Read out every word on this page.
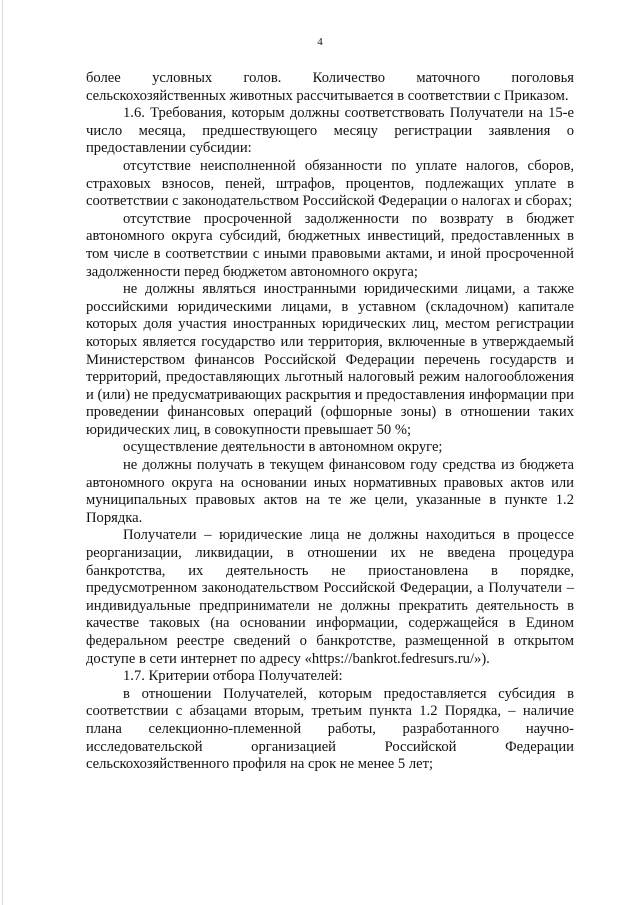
4

более условных голов. Количество маточного поголовья сельскохозяйственных животных рассчитывается в соответствии с Приказом.

1.6. Требования, которым должны соответствовать Получатели на 15-е число месяца, предшествующего месяцу регистрации заявления о предоставлении субсидии:

отсутствие неисполненной обязанности по уплате налогов, сборов, страховых взносов, пеней, штрафов, процентов, подлежащих уплате в соответствии с законодательством Российской Федерации о налогах и сборах;

отсутствие просроченной задолженности по возврату в бюджет автономного округа субсидий, бюджетных инвестиций, предоставленных в том числе в соответствии с иными правовыми актами, и иной просроченной задолженности перед бюджетом автономного округа;

не должны являться иностранными юридическими лицами, а также российскими юридическими лицами, в уставном (складочном) капитале которых доля участия иностранных юридических лиц, местом регистрации которых является государство или территория, включенные в утверждаемый Министерством финансов Российской Федерации перечень государств и территорий, предоставляющих льготный налоговый режим налогообложения и (или) не предусматривающих раскрытия и предоставления информации при проведении финансовых операций (офшорные зоны) в отношении таких юридических лиц, в совокупности превышает 50 %;

осуществление деятельности в автономном округе;

не должны получать в текущем финансовом году средства из бюджета автономного округа на основании иных нормативных правовых актов или муниципальных правовых актов на те же цели, указанные в пункте 1.2 Порядка.

Получатели – юридические лица не должны находиться в процессе реорганизации, ликвидации, в отношении их не введена процедура банкротства, их деятельность не приостановлена в порядке, предусмотренном законодательством Российской Федерации, а Получатели – индивидуальные предприниматели не должны прекратить деятельность в качестве таковых (на основании информации, содержащейся в Едином федеральном реестре сведений о банкротстве, размещенной в открытом доступе в сети интернет по адресу «https://bankrot.fedresurs.ru/»).

1.7. Критерии отбора Получателей:

в отношении Получателей, которым предоставляется субсидия в соответствии с абзацами вторым, третьим пункта 1.2 Порядка, – наличие плана селекционно-племенной работы, разработанного научно-исследовательской организацией Российской Федерации сельскохозяйственного профиля на срок не менее 5 лет;
